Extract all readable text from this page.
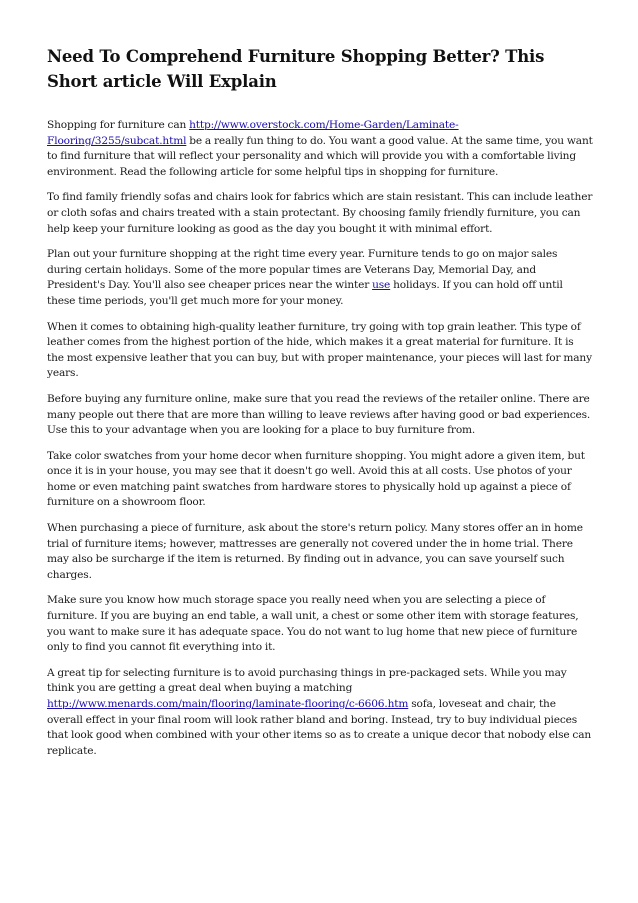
Need To Comprehend Furniture Shopping Better? This Short article Will Explain

Shopping for furniture can http://www.overstock.com/Home-Garden/Laminate-Flooring/3255/subcat.html be a really fun thing to do. You want a good value. At the same time, you want to find furniture that will reflect your personality and which will provide you with a comfortable living environment. Read the following article for some helpful tips in shopping for furniture.

To find family friendly sofas and chairs look for fabrics which are stain resistant. This can include leather or cloth sofas and chairs treated with a stain protectant. By choosing family friendly furniture, you can help keep your furniture looking as good as the day you bought it with minimal effort.

Plan out your furniture shopping at the right time every year. Furniture tends to go on major sales during certain holidays. Some of the more popular times are Veterans Day, Memorial Day, and President's Day. You'll also see cheaper prices near the winter use holidays. If you can hold off until these time periods, you'll get much more for your money.

When it comes to obtaining high-quality leather furniture, try going with top grain leather. This type of leather comes from the highest portion of the hide, which makes it a great material for furniture. It is the most expensive leather that you can buy, but with proper maintenance, your pieces will last for many years.

Before buying any furniture online, make sure that you read the reviews of the retailer online. There are many people out there that are more than willing to leave reviews after having good or bad experiences. Use this to your advantage when you are looking for a place to buy furniture from.

Take color swatches from your home decor when furniture shopping. You might adore a given item, but once it is in your house, you may see that it doesn't go well. Avoid this at all costs. Use photos of your home or even matching paint swatches from hardware stores to physically hold up against a piece of furniture on a showroom floor.

When purchasing a piece of furniture, ask about the store's return policy. Many stores offer an in home trial of furniture items; however, mattresses are generally not covered under the in home trial. There may also be surcharge if the item is returned. By finding out in advance, you can save yourself such charges.

Make sure you know how much storage space you really need when you are selecting a piece of furniture. If you are buying an end table, a wall unit, a chest or some other item with storage features, you want to make sure it has adequate space. You do not want to lug home that new piece of furniture only to find you cannot fit everything into it.

A great tip for selecting furniture is to avoid purchasing things in pre-packaged sets. While you may think you are getting a great deal when buying a matching http://www.menards.com/main/flooring/laminate-flooring/c-6606.htm sofa, loveseat and chair, the overall effect in your final room will look rather bland and boring. Instead, try to buy individual pieces that look good when combined with your other items so as to create a unique decor that nobody else can replicate.
